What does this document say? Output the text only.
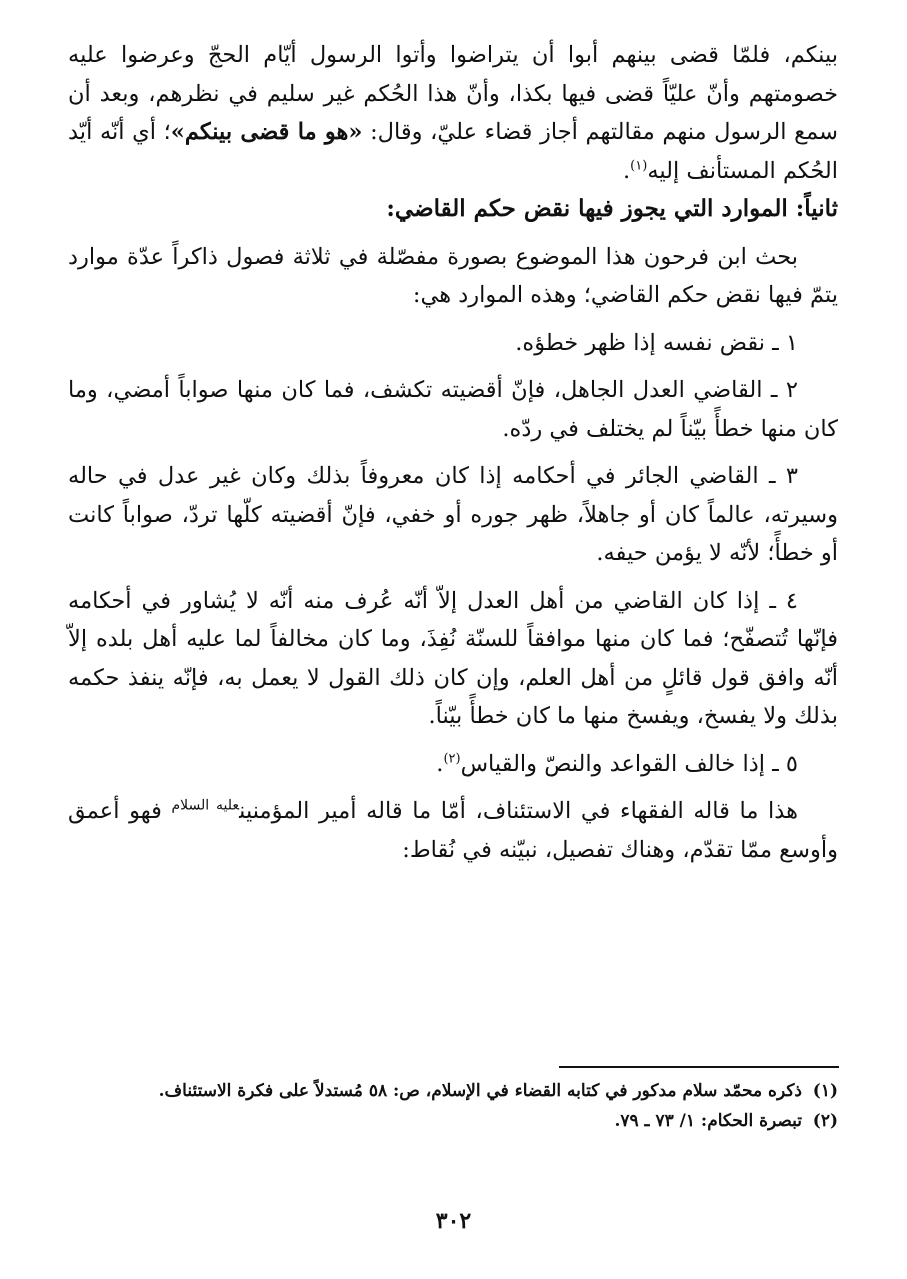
بينكم، فلمّا قضى بينهم أبوا أن يتراضوا وأتوا الرسول أيّام الحجّ وعرضوا عليه خصومتهم وأنّ عليّاً قضى فيها بكذا، وأنّ هذا الحُكم غير سليم في نظرهم، وبعد أن سمع الرسول منهم مقالتهم أجاز قضاء عليّ، وقال: «هو ما قضى بينكم»؛ أي أنّه أيّد الحُكم المستأنف إليه$^{(١)}$.

ثانياً: الموارد التي يجوز فيها نقض حكم القاضي:

بحث ابن فرحون هذا الموضوع بصورة مفصّلة في ثلاثة فصول ذاكراً عدّة موارد يتمّ فيها نقض حكم القاضي؛ وهذه الموارد هي:

١ ـ نقض نفسه إذا ظهر خطؤه.

٢ ـ القاضي العدل الجاهل، فإنّ أقضيته تكشف، فما كان منها صواباً أمضي، وما كان منها خطأً بيّناً لم يختلف في ردّه.

٣ ـ القاضي الجائر في أحكامه إذا كان معروفاً بذلك وكان غير عدل في حاله وسيرته، عالماً كان أو جاهلاً، ظهر جوره أو خفي، فإنّ أقضيته كلّها تردّ، صواباً كانت أو خطأً؛ لأنّه لا يؤمن حيفه.

٤ ـ إذا كان القاضي من أهل العدل إلاّ أنّه عُرف منه أنّه لا يُشاور في أحكامه فإنّها تُتصفّح؛ فما كان منها موافقاً للسنّة نُفِذَ، وما كان مخالفاً لما عليه أهل بلده إلاّ أنّه وافق قول قائلٍ من أهل العلم، وإن كان ذلك القول لا يعمل به، فإنّه ينفذ حكمه بذلك ولا يفسخ، ويفسخ منها ما كان خطأً بيّناً.

٥ ـ إذا خالف القواعد والنصّ والقياس$^{(٢)}$.

هذا ما قاله الفقهاء في الاستئناف، أمّا ما قاله أمير المؤمنين$^{عليه السلام}$ فهو أعمق وأوسع ممّا تقدّم، وهناك تفصيل، نبيّنه في نُقاط:

(١)
ذكره محمّد سلام مدكور في كتابه القضاء في الإسلام، ص: ٥٨ مُستدلاً على فكرة الاستئناف.

(٢)
تبصرة الحكام: ١/ ٧٣ ـ ٧٩.

٣٠٢
